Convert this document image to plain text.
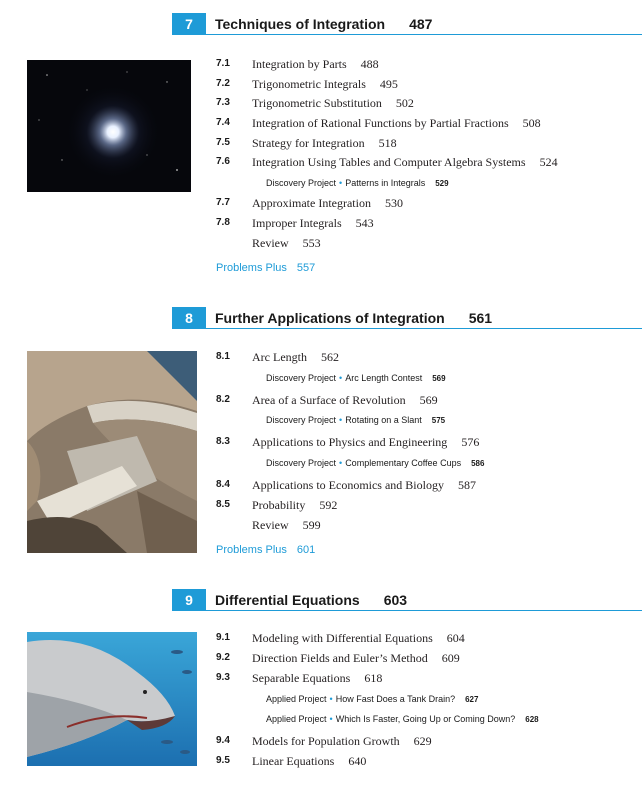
7	Techniques of Integration 487
7.1 Integration by Parts 488
7.2 Trigonometric Integrals 495
7.3 Trigonometric Substitution 502
7.4 Integration of Rational Functions by Partial Fractions 508
7.5 Strategy for Integration 518
7.6 Integration Using Tables and Computer Algebra Systems 524
Discovery Project • Patterns in Integrals 529
7.7 Approximate Integration 530
7.8 Improper Integrals 543
Review 553
Problems Plus 557
8	Further Applications of Integration 561
8.1 Arc Length 562
Discovery Project • Arc Length Contest 569
8.2 Area of a Surface of Revolution 569
Discovery Project • Rotating on a Slant 575
8.3 Applications to Physics and Engineering 576
Discovery Project • Complementary Coffee Cups 586
8.4 Applications to Economics and Biology 587
8.5 Probability 592
Review 599
Problems Plus 601
9	Differential Equations 603
9.1 Modeling with Differential Equations 604
9.2 Direction Fields and Euler’s Method 609
9.3 Separable Equations 618
Applied Project • How Fast Does a Tank Drain? 627
Applied Project • Which Is Faster, Going Up or Coming Down? 628
9.4 Models for Population Growth 629
9.5 Linear Equations 640
